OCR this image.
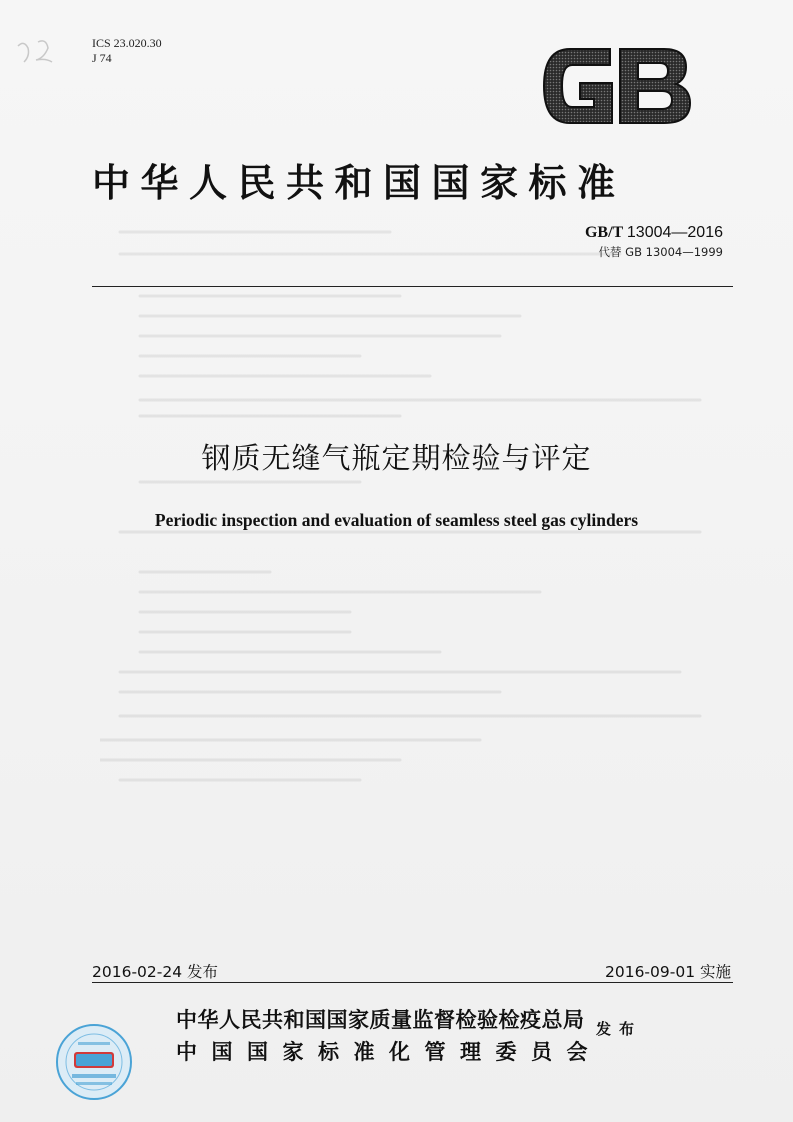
ICS 23.020.30
J 74
中华人民共和国国家标准
GB/T 13004—2016
代替 GB 13004—1999
钢质无缝气瓶定期检验与评定
Periodic inspection and evaluation of seamless steel gas cylinders
2016-02-24 发布	2016-09-01 实施
中华人民共和国国家质量监督检验检疫总局
中国国家标准化管理委员会
发布
